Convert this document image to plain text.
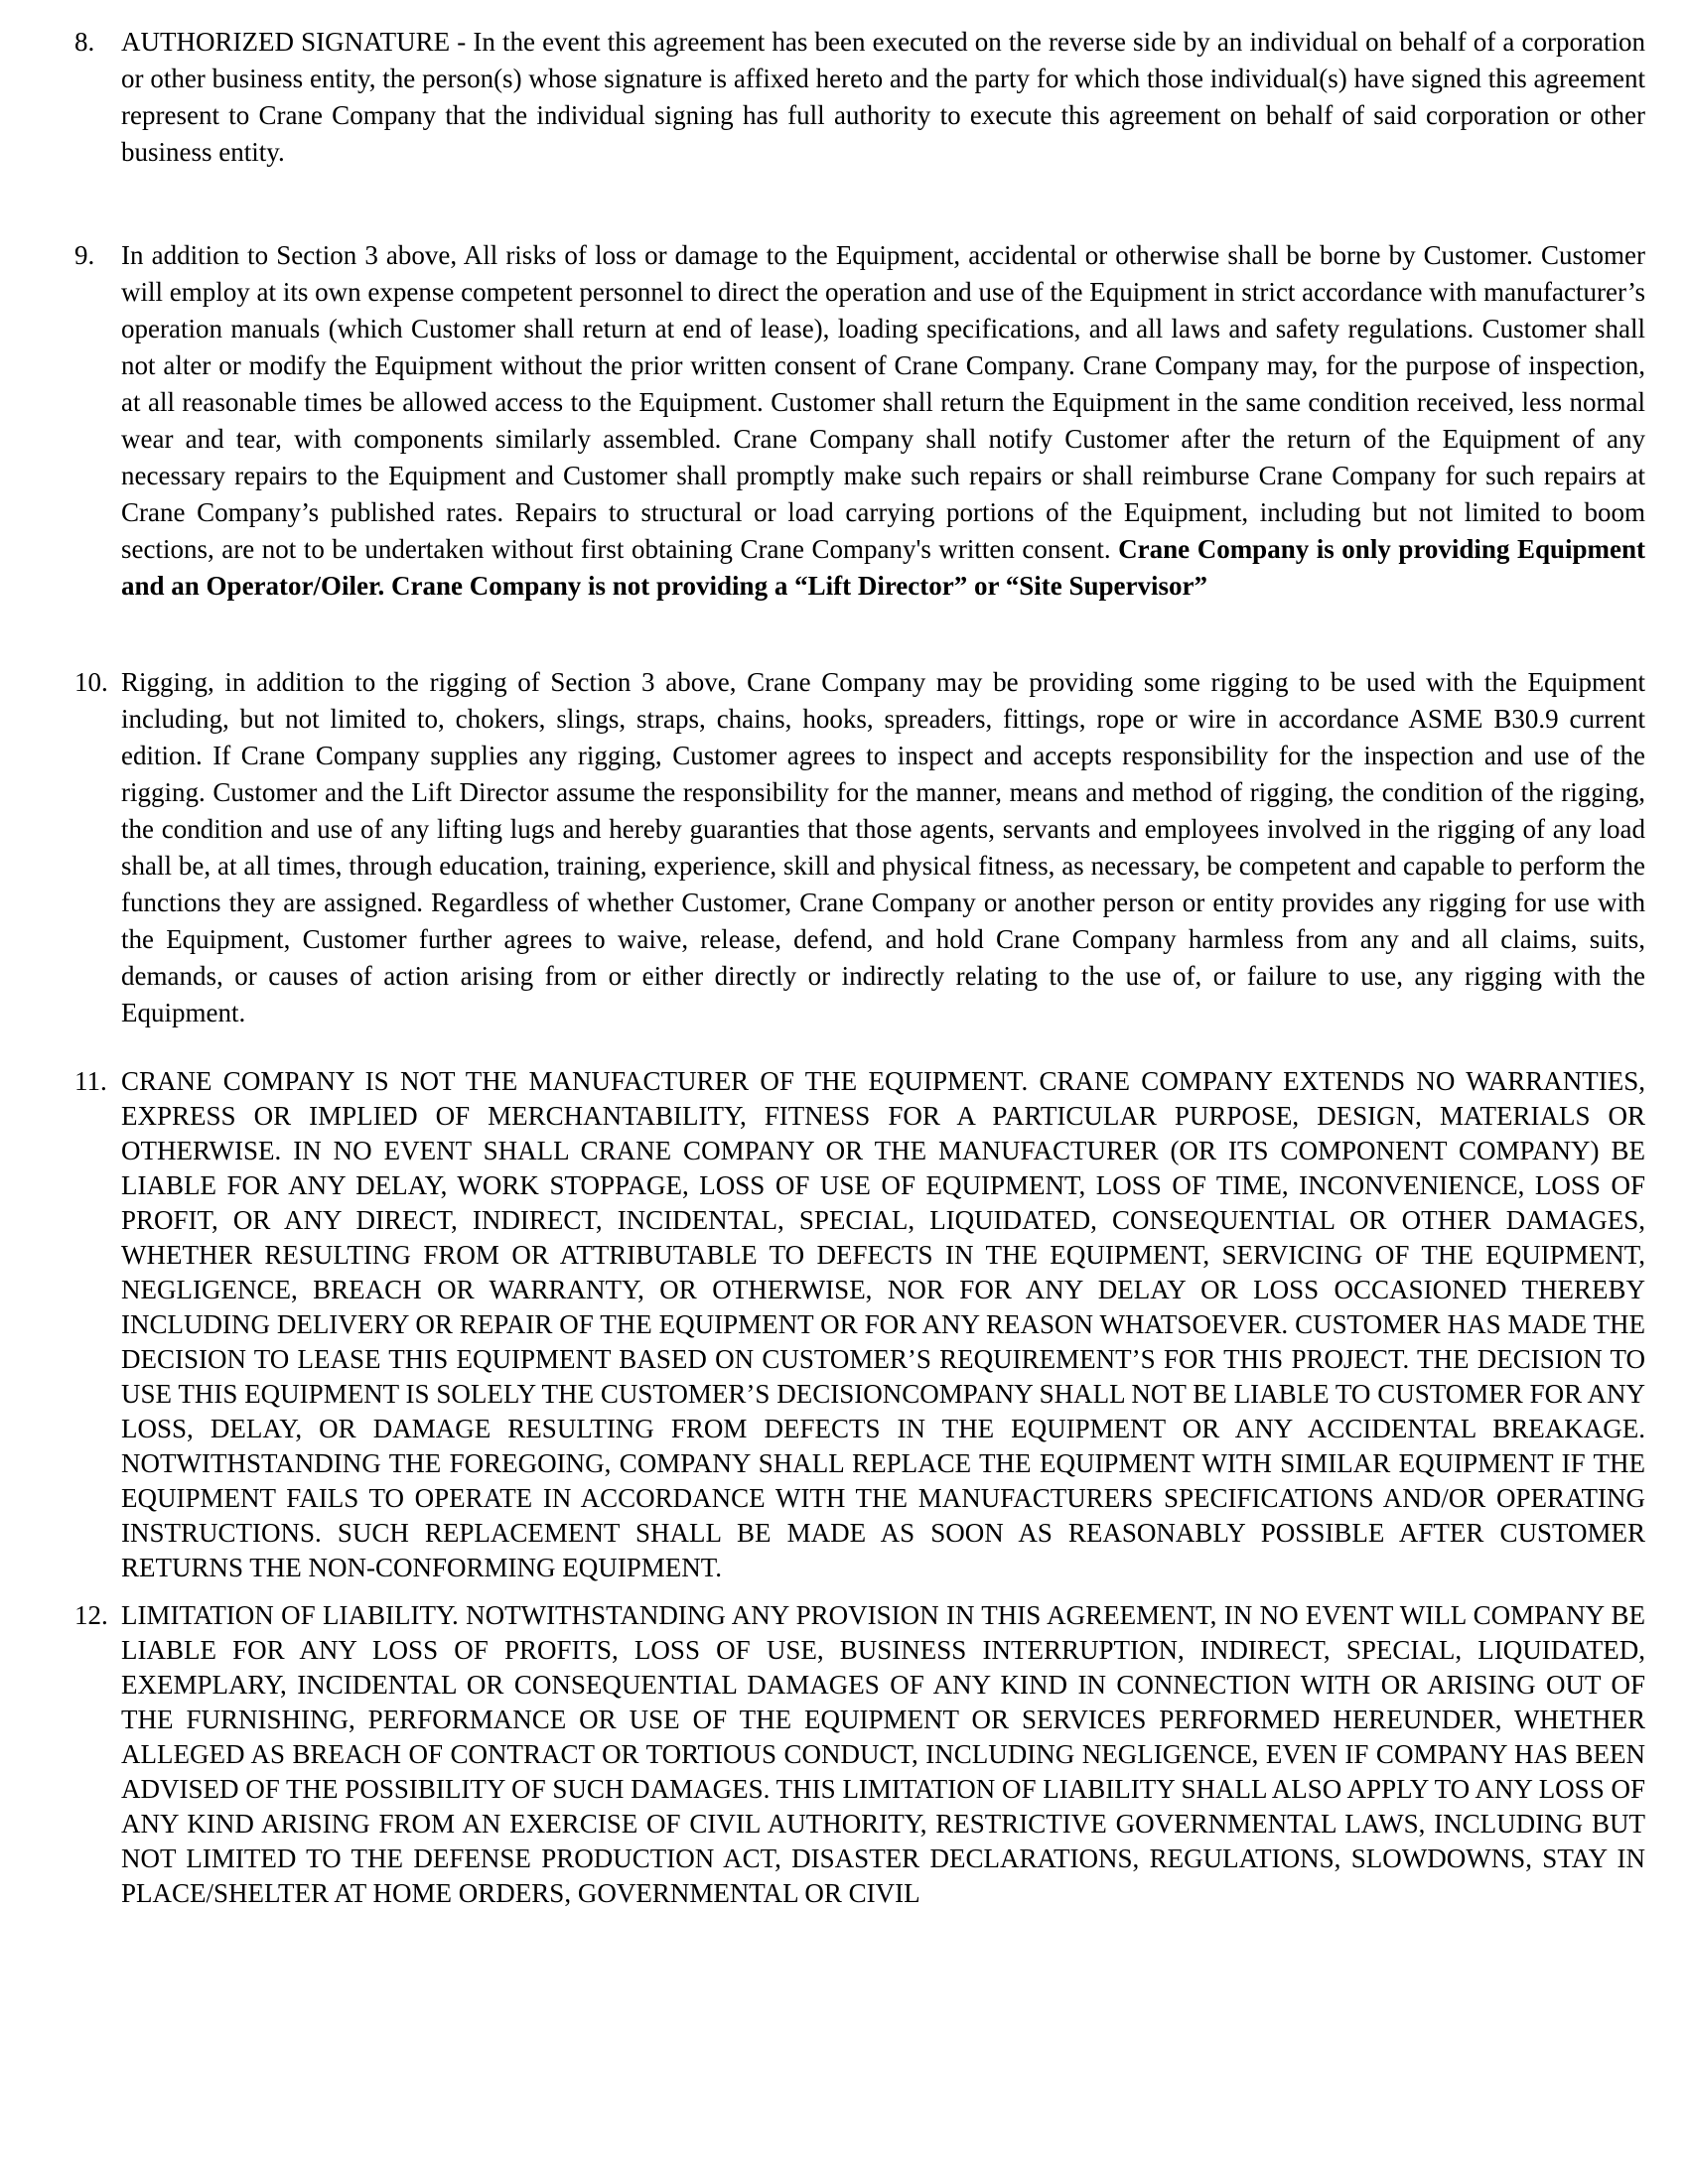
8. AUTHORIZED SIGNATURE - In the event this agreement has been executed on the reverse side by an individual on behalf of a corporation or other business entity, the person(s) whose signature is affixed hereto and the party for which those individual(s) have signed this agreement represent to Crane Company that the individual signing has full authority to execute this agreement on behalf of said corporation or other business entity.
9. In addition to Section 3 above, All risks of loss or damage to the Equipment, accidental or otherwise shall be borne by Customer. Customer will employ at its own expense competent personnel to direct the operation and use of the Equipment in strict accordance with manufacturer’s operation manuals (which Customer shall return at end of lease), loading specifications, and all laws and safety regulations. Customer shall not alter or modify the Equipment without the prior written consent of Crane Company. Crane Company may, for the purpose of inspection, at all reasonable times be allowed access to the Equipment. Customer shall return the Equipment in the same condition received, less normal wear and tear, with components similarly assembled. Crane Company shall notify Customer after the return of the Equipment of any necessary repairs to the Equipment and Customer shall promptly make such repairs or shall reimburse Crane Company for such repairs at Crane Company’s published rates. Repairs to structural or load carrying portions of the Equipment, including but not limited to boom sections, are not to be undertaken without first obtaining Crane Company's written consent. Crane Company is only providing Equipment and an Operator/Oiler. Crane Company is not providing a “Lift Director” or “Site Supervisor”
10. Rigging, in addition to the rigging of Section 3 above, Crane Company may be providing some rigging to be used with the Equipment including, but not limited to, chokers, slings, straps, chains, hooks, spreaders, fittings, rope or wire in accordance ASME B30.9 current edition. If Crane Company supplies any rigging, Customer agrees to inspect and accepts responsibility for the inspection and use of the rigging. Customer and the Lift Director assume the responsibility for the manner, means and method of rigging, the condition of the rigging, the condition and use of any lifting lugs and hereby guaranties that those agents, servants and employees involved in the rigging of any load shall be, at all times, through education, training, experience, skill and physical fitness, as necessary, be competent and capable to perform the functions they are assigned. Regardless of whether Customer, Crane Company or another person or entity provides any rigging for use with the Equipment, Customer further agrees to waive, release, defend, and hold Crane Company harmless from any and all claims, suits, demands, or causes of action arising from or either directly or indirectly relating to the use of, or failure to use, any rigging with the Equipment.
11. CRANE COMPANY IS NOT THE MANUFACTURER OF THE EQUIPMENT. CRANE COMPANY EXTENDS NO WARRANTIES, EXPRESS OR IMPLIED OF MERCHANTABILITY, FITNESS FOR A PARTICULAR PURPOSE, DESIGN, MATERIALS OR OTHERWISE. IN NO EVENT SHALL CRANE COMPANY OR THE MANUFACTURER (OR ITS COMPONENT COMPANY) BE LIABLE FOR ANY DELAY, WORK STOPPAGE, LOSS OF USE OF EQUIPMENT, LOSS OF TIME, INCONVENIENCE, LOSS OF PROFIT, OR ANY DIRECT, INDIRECT, INCIDENTAL, SPECIAL, LIQUIDATED, CONSEQUENTIAL OR OTHER DAMAGES, WHETHER RESULTING FROM OR ATTRIBUTABLE TO DEFECTS IN THE EQUIPMENT, SERVICING OF THE EQUIPMENT, NEGLIGENCE, BREACH OR WARRANTY, OR OTHERWISE, NOR FOR ANY DELAY OR LOSS OCCASIONED THEREBY INCLUDING DELIVERY OR REPAIR OF THE EQUIPMENT OR FOR ANY REASON WHATSOEVER. CUSTOMER HAS MADE THE DECISION TO LEASE THIS EQUIPMENT BASED ON CUSTOMER’S REQUIREMENT’S FOR THIS PROJECT. THE DECISION TO USE THIS EQUIPMENT IS SOLELY THE CUSTOMER’S DECISIONCOMPANY SHALL NOT BE LIABLE TO CUSTOMER FOR ANY LOSS, DELAY, OR DAMAGE RESULTING FROM DEFECTS IN THE EQUIPMENT OR ANY ACCIDENTAL BREAKAGE. NOTWITHSTANDING THE FOREGOING, COMPANY SHALL REPLACE THE EQUIPMENT WITH SIMILAR EQUIPMENT IF THE EQUIPMENT FAILS TO OPERATE IN ACCORDANCE WITH THE MANUFACTURERS SPECIFICATIONS AND/OR OPERATING INSTRUCTIONS. SUCH REPLACEMENT SHALL BE MADE AS SOON AS REASONABLY POSSIBLE AFTER CUSTOMER RETURNS THE NON-CONFORMING EQUIPMENT.
12. LIMITATION OF LIABILITY. NOTWITHSTANDING ANY PROVISION IN THIS AGREEMENT, IN NO EVENT WILL COMPANY BE LIABLE FOR ANY LOSS OF PROFITS, LOSS OF USE, BUSINESS INTERRUPTION, INDIRECT, SPECIAL, LIQUIDATED, EXEMPLARY, INCIDENTAL OR CONSEQUENTIAL DAMAGES OF ANY KIND IN CONNECTION WITH OR ARISING OUT OF THE FURNISHING, PERFORMANCE OR USE OF THE EQUIPMENT OR SERVICES PERFORMED HEREUNDER, WHETHER ALLEGED AS BREACH OF CONTRACT OR TORTIOUS CONDUCT, INCLUDING NEGLIGENCE, EVEN IF COMPANY HAS BEEN ADVISED OF THE POSSIBILITY OF SUCH DAMAGES. THIS LIMITATION OF LIABILITY SHALL ALSO APPLY TO ANY LOSS OF ANY KIND ARISING FROM AN EXERCISE OF CIVIL AUTHORITY, RESTRICTIVE GOVERNMENTAL LAWS, INCLUDING BUT NOT LIMITED TO THE DEFENSE PRODUCTION ACT, DISASTER DECLARATIONS, REGULATIONS, SLOWDOWNS, STAY IN PLACE/SHELTER AT HOME ORDERS, GOVERNMENTAL OR CIVIL
